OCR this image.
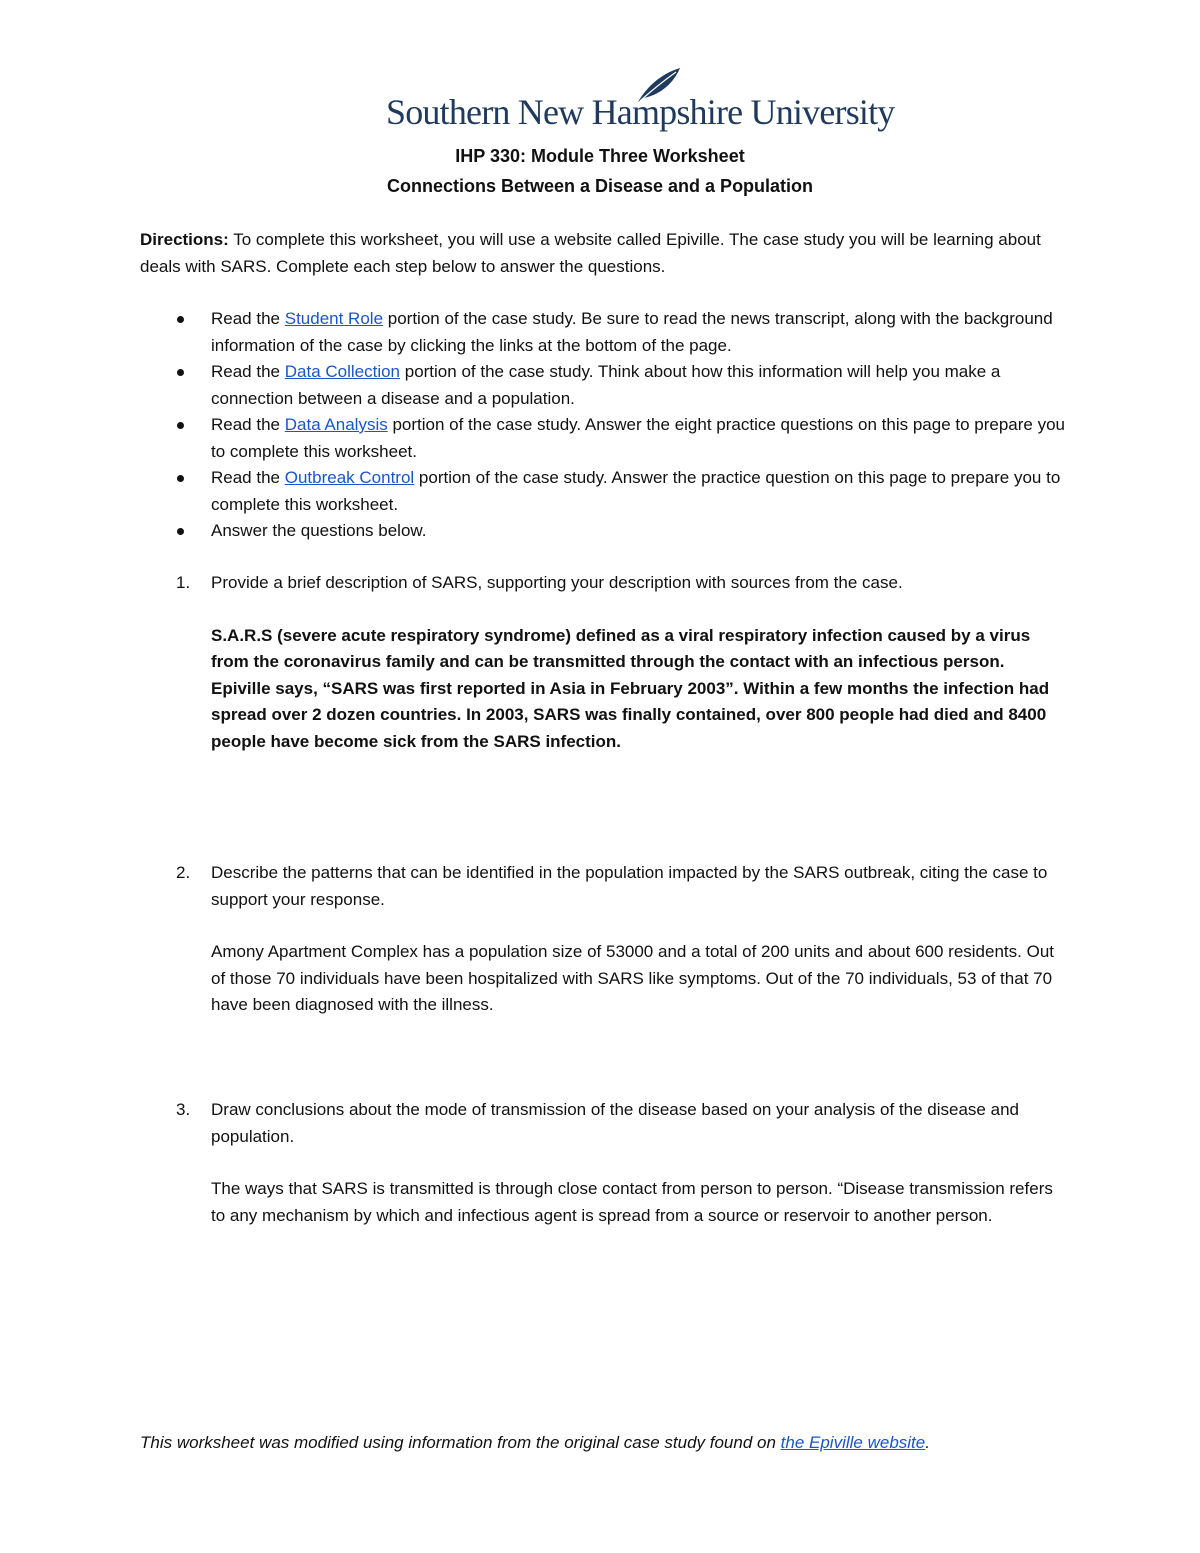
Southern New Hampshire University
IHP 330: Module Three Worksheet
Connections Between a Disease and a Population
Directions: To complete this worksheet, you will use a website called Epiville. The case study you will be learning about deals with SARS. Complete each step below to answer the questions.
Read the Student Role portion of the case study. Be sure to read the news transcript, along with the background information of the case by clicking the links at the bottom of the page.
Read the Data Collection portion of the case study. Think about how this information will help you make a connection between a disease and a population.
Read the Data Analysis portion of the case study. Answer the eight practice questions on this page to prepare you to complete this worksheet.
Read the Outbreak Control portion of the case study. Answer the practice question on this page to prepare you to complete this worksheet.
Answer the questions below.
1. Provide a brief description of SARS, supporting your description with sources from the case.
S.A.R.S (severe acute respiratory syndrome) defined as a viral respiratory infection caused by a virus from the coronavirus family and can be transmitted through the contact with an infectious person. Epiville says, “SARS was first reported in Asia in February 2003”. Within a few months the infection had spread over 2 dozen countries. In 2003, SARS was finally contained, over 800 people had died and 8400 people have become sick from the SARS infection.
2. Describe the patterns that can be identified in the population impacted by the SARS outbreak, citing the case to support your response.
Amony Apartment Complex has a population size of 53000 and a total of 200 units and about 600 residents. Out of those 70 individuals have been hospitalized with SARS like symptoms. Out of the 70 individuals, 53 of that 70 have been diagnosed with the illness.
3. Draw conclusions about the mode of transmission of the disease based on your analysis of the disease and population.
The ways that SARS is transmitted is through close contact from person to person. “Disease transmission refers to any mechanism by which and infectious agent is spread from a source or reservoir to another person.
This worksheet was modified using information from the original case study found on the Epiville website.
